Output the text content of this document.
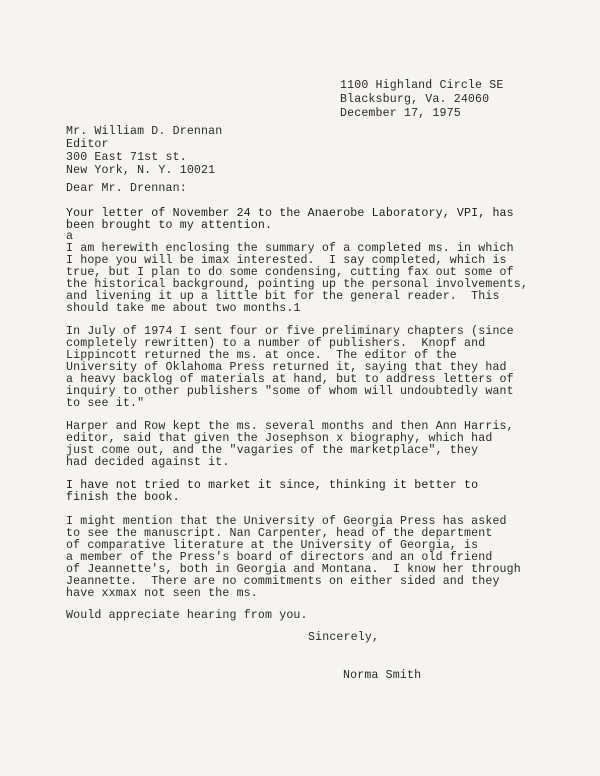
1100 Highland Circle SE
Blacksburg, Va. 24060
December 17, 1975
Mr. William D. Drennan
Editor
300 East 71st st.
New York, N. Y. 10021
Dear Mr. Drennan:
Your letter of November 24 to the Anaerobe Laboratory, VPI, has
been brought to my attention.
a
I am herewith enclosing the summary of a completed ms. in which
I hope you will be imax interested.  I say completed, which is
true, but I plan to do some condensing, cutting fax out some of
the historical background, pointing up the personal involvements,
and livening it up a little bit for the general reader.  This
should take me about two months.1
In July of 1974 I sent four or five preliminary chapters (since
completely rewritten) to a number of publishers.  Knopf and
Lippincott returned the ms. at once.  The editor of the
University of Oklahoma Press returned it, saying that they had
a heavy backlog of materials at hand, but to address letters of
inquiry to other publishers "some of whom will undoubtedly want
to see it."
Harper and Row kept the ms. several months and then Ann Harris,
editor, said that given the Josephson x biography, which had
just come out, and the "vagaries of the marketplace", they
had decided against it.
I have not tried to market it since, thinking it better to
finish the book.
I might mention that the University of Georgia Press has asked
to see the manuscript. Nan Carpenter, head of the department
of comparative literature at the University of Georgia, is
a member of the Press's board of directors and an old friend
of Jeannette's, both in Georgia and Montana.  I know her through
Jeannette.  There are no commitments on either sided and they
have xxmax not seen the ms.
Would appreciate hearing from you.
Sincerely,
Norma Smith
